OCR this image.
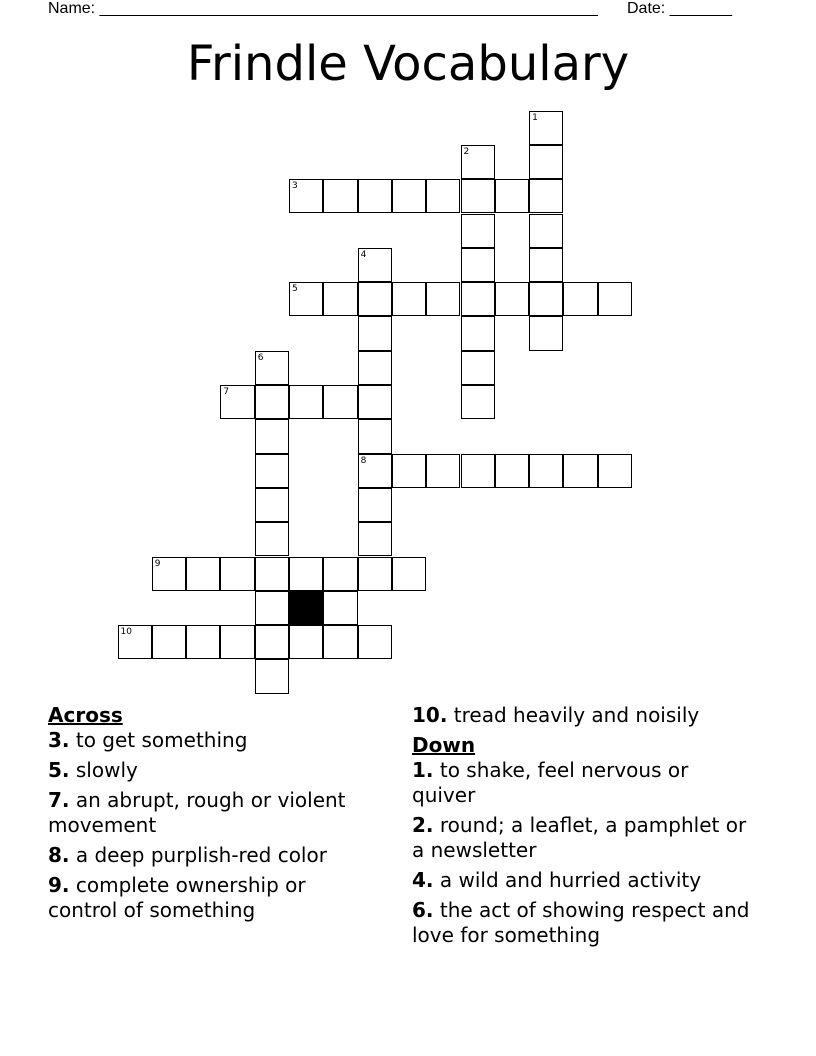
Name: ________________________________________________________ Date: _______
Frindle Vocabulary
1
2
3
4
5
6
7
8
9
10

Across

3. to get something

5. slowly

7. an abrupt, rough or violent movement

8. a deep purplish-red color

9. complete ownership or control of something

10. tread heavily and noisily

Down

1. to shake, feel nervous or quiver

2. round; a leaflet, a pamphlet or a newsletter

4. a wild and hurried activity

6. the act of showing respect and love for something
